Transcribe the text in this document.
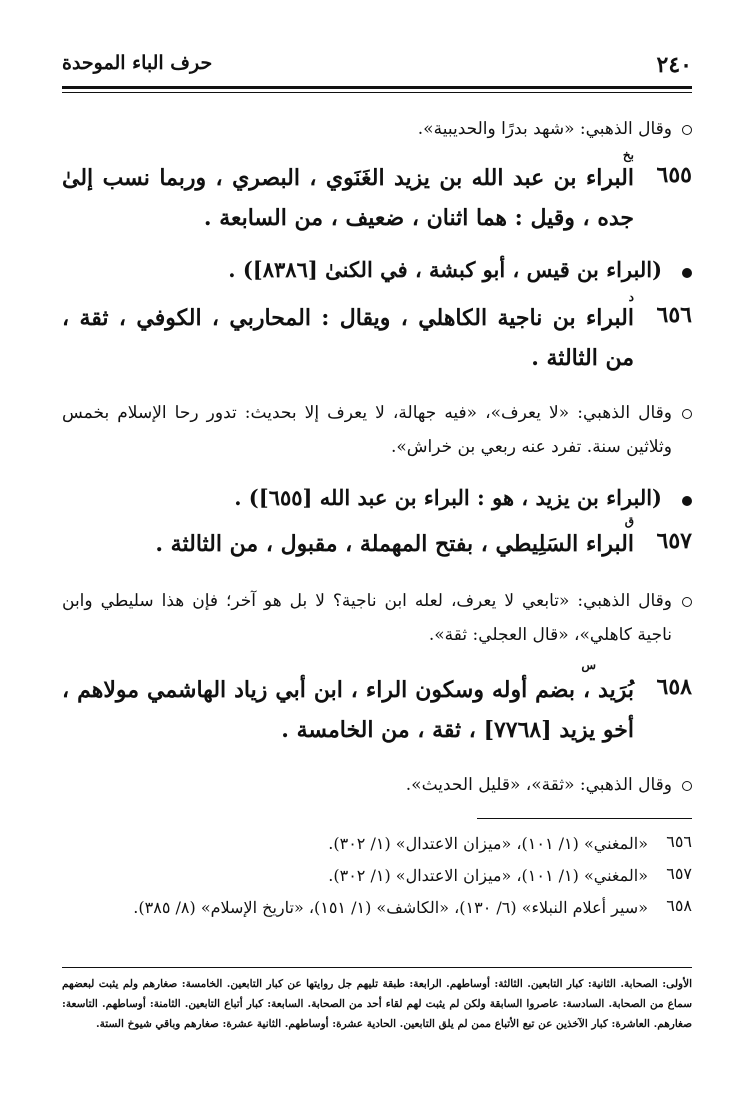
٢٤٠
حرف الباء الموحدة
وقال الذهبي: «شهد بدرًا والحديبية».
بخ
٦٥٥
البراء بن عبد الله بن يزيد الغَنَوي ، البصري ، وربما نسب إلىٰ جده ، وقيل : هما اثنان ، ضعيف ، من السابعة .
(البراء بن قيس ، أبو كبشة ، في الكنىٰ [٨٣٨٦]) .
د
٦٥٦
البراء بن ناجية الكاهلي ، ويقال : المحاربي ، الكوفي ، ثقة ، من الثالثة .
وقال الذهبي: «لا يعرف»، «فيه جهالة، لا يعرف إلا بحديث: تدور رحا الإسلام بخمس وثلاثين سنة. تفرد عنه ربعي بن خراش».
(البراء بن يزيد ، هو : البراء بن عبد الله [٦٥٥]) .
ق
٦٥٧
البراء السَلِيطي ، بفتح المهملة ، مقبول ، من الثالثة .
وقال الذهبي: «تابعي لا يعرف، لعله ابن ناجية؟ لا بل هو آخر؛ فإن هذا سليطي وابن ناجية كاهلي»، «قال العجلي: ثقة».
س
٦٥٨
بُرَيد ، بضم أوله وسكون الراء ، ابن أبي زياد الهاشمي مولاهم ، أخو يزيد [٧٧٦٨] ، ثقة ، من الخامسة .
وقال الذهبي: «ثقة»، «قليل الحديث».
٦٥٦
«المغني» (١/ ١٠١)، «ميزان الاعتدال» (١/ ٣٠٢).
٦٥٧
«المغني» (١/ ١٠١)، «ميزان الاعتدال» (١/ ٣٠٢).
٦٥٨
«سير أعلام النبلاء» (٦/ ١٣٠)، «الكاشف» (١/ ١٥١)، «تاريخ الإسلام» (٨/ ٣٨٥).
الأولى: الصحابة. الثانية: كبار التابعين. الثالثة: أوساطهم. الرابعة: طبقة تليهم جل روايتها عن كبار التابعين. الخامسة: صغارهم ولم يثبت لبعضهم سماع من الصحابة. السادسة: عاصروا السابقة ولكن لم يثبت لهم لقاء أحد من الصحابة. السابعة: كبار أتباع التابعين. الثامنة: أوساطهم. التاسعة: صغارهم. العاشرة: كبار الآخذين عن تبع الأتباع ممن لم يلق التابعين. الحادية عشرة: أوساطهم. الثانية عشرة: صغارهم وباقي شيوخ الستة.
